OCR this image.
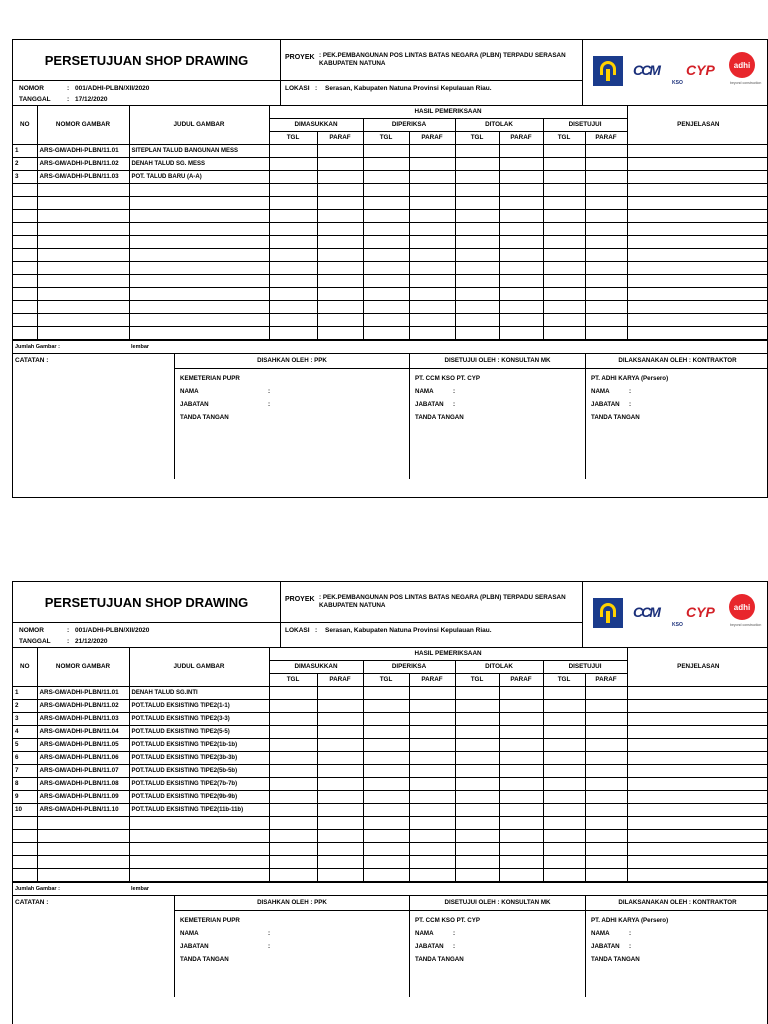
PERSETUJUAN SHOP DRAWING
NOMOR	: 001/ADHI-PLBN/XII/2020
TANGGAL	: 17/12/2020
PROYEK : PEK.PEMBANGUNAN POS LINTAS BATAS NEGARA (PLBN) TERPADU SERASAN KABUPATEN NATUNA
LOKASI :	Serasan, Kabupaten Natuna Provinsi Kepulauan Riau.
CCM
KSO
CYP	adhi
beyond construction
NO	NOMOR GAMBAR	JUDUL GAMBAR	HASIL PEMERIKSAAN								PENJELASAN
			DIMASUKKAN		DIPERIKSA		DITOLAK		DISETUJUI		
			TGL	PARAF	TGL	PARAF	TGL	PARAF	TGL	PARAF	
1	ARS-GM/ADHI-PLBN/11.01	SITEPLAN TALUD BANGUNAN MESS									
2	ARS-GM/ADHI-PLBN/11.02	DENAH TALUD SG. MESS									
3	ARS-GM/ADHI-PLBN/11.03	POT. TALUD BARU (A-A)									

Jumlah Gambar :	lembar
CATATAN :	DISAHKAN OLEH : PPK
KEMETERIAN PUPR
NAMA	:
JABATAN	:
TANDA TANGAN
DISETUJUI OLEH : KONSULTAN MK
PT. CCM KSO PT. CYP
NAMA	:
JABATAN	:
TANDA TANGAN
DILAKSANAKAN OLEH : KONTRAKTOR
PT. ADHI KARYA (Persero)
NAMA	:
JABATAN	:
TANDA TANGAN
PERSETUJUAN SHOP DRAWING
NOMOR	: 001/ADHI-PLBN/XII/2020
TANGGAL	: 21/12/2020
PROYEK : PEK.PEMBANGUNAN POS LINTAS BATAS NEGARA (PLBN) TERPADU SERASAN KABUPATEN NATUNA
LOKASI :	Serasan, Kabupaten Natuna Provinsi Kepulauan Riau.
CCM
KSO
CYP	adhi
beyond construction
NO	NOMOR GAMBAR	JUDUL GAMBAR	HASIL PEMERIKSAAN								PENJELASAN
			DIMASUKKAN		DIPERIKSA		DITOLAK		DISETUJUI		
			TGL	PARAF	TGL	PARAF	TGL	PARAF	TGL	PARAF	
1	ARS-GM/ADHI-PLBN/11.01	DENAH TALUD SG.INTI									
2	ARS-GM/ADHI-PLBN/11.02	POT.TALUD EKSISTING TIPE2(1-1)									
3	ARS-GM/ADHI-PLBN/11.03	POT.TALUD EKSISTING TIPE2(3-3)									
4	ARS-GM/ADHI-PLBN/11.04	POT.TALUD EKSISTING TIPE2(5-5)									
5	ARS-GM/ADHI-PLBN/11.05	POT.TALUD EKSISTING TIPE2(1b-1b)									
6	ARS-GM/ADHI-PLBN/11.06	POT.TALUD EKSISTING TIPE2(3b-3b)									
7	ARS-GM/ADHI-PLBN/11.07	POT.TALUD EKSISTING TIPE2(5b-5b)									
8	ARS-GM/ADHI-PLBN/11.08	POT.TALUD EKSISTING TIPE2(7b-7b)									
9	ARS-GM/ADHI-PLBN/11.09	POT.TALUD EKSISTING TIPE2(9b-9b)									
10	ARS-GM/ADHI-PLBN/11.10	POT.TALUD EKSISTING TIPE2(11b-11b)									

Jumlah Gambar :	lembar
CATATAN :	DISAHKAN OLEH : PPK
KEMETERIAN PUPR
NAMA	:
JABATAN	:
TANDA TANGAN
DISETUJUI OLEH : KONSULTAN MK
PT. CCM KSO PT. CYP
NAMA	:
JABATAN	:
TANDA TANGAN
DILAKSANAKAN OLEH : KONTRAKTOR
PT. ADHI KARYA (Persero)
NAMA	:
JABATAN	:
TANDA TANGAN
